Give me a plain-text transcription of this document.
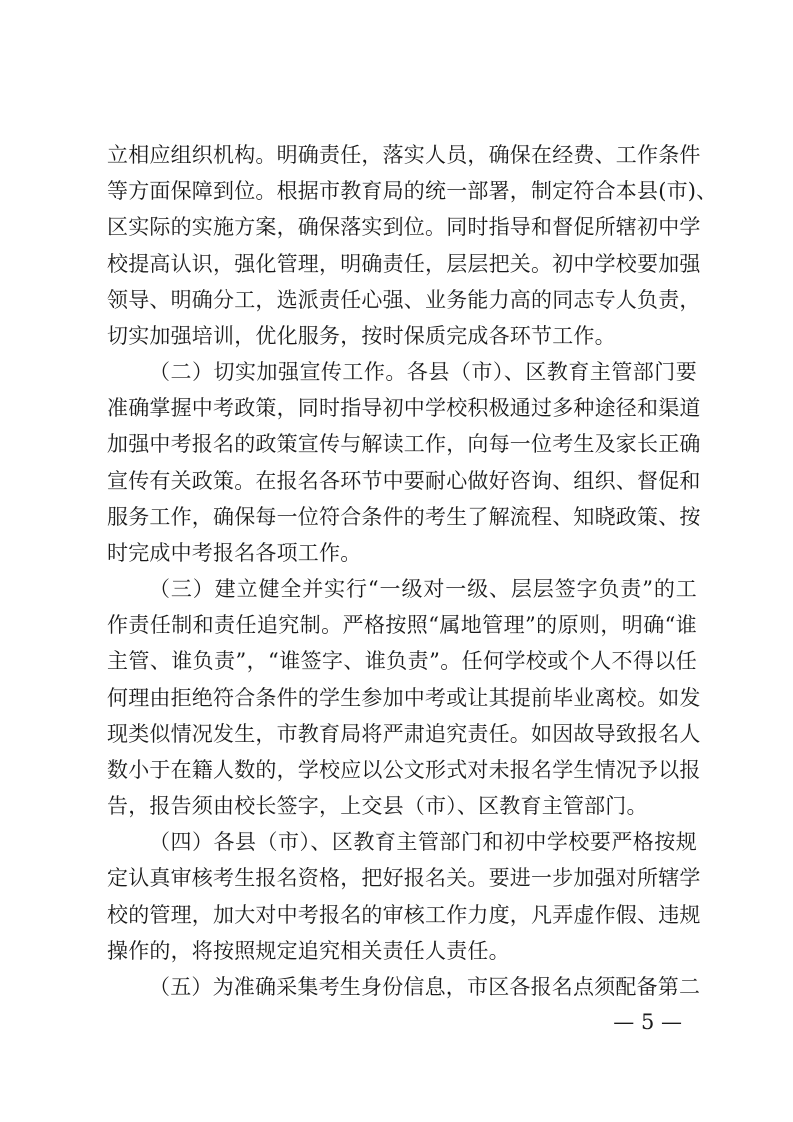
立相应组织机构。明确责任，落实人员，确保在经费、工作条件

等方面保障到位。根据市教育局的统一部署，制定符合本县(市)、

区实际的实施方案，确保落实到位。同时指导和督促所辖初中学

校提高认识，强化管理，明确责任，层层把关。初中学校要加强

领导、明确分工，选派责任心强、业务能力高的同志专人负责，

切实加强培训，优化服务，按时保质完成各环节工作。

（二）切实加强宣传工作。各县（市）、区教育主管部门要

准确掌握中考政策，同时指导初中学校积极通过多种途径和渠道

加强中考报名的政策宣传与解读工作，向每一位考生及家长正确

宣传有关政策。在报名各环节中要耐心做好咨询、组织、督促和

服务工作，确保每一位符合条件的考生了解流程、知晓政策、按

时完成中考报名各项工作。

（三）建立健全并实行“一级对一级、层层签字负责”的工

作责任制和责任追究制。严格按照“属地管理”的原则，明确“谁

主管、谁负责”，“谁签字、谁负责”。任何学校或个人不得以任

何理由拒绝符合条件的学生参加中考或让其提前毕业离校。如发

现类似情况发生，市教育局将严肃追究责任。如因故导致报名人

数小于在籍人数的，学校应以公文形式对未报名学生情况予以报

告，报告须由校长签字，上交县（市）、区教育主管部门。

（四）各县（市）、区教育主管部门和初中学校要严格按规

定认真审核考生报名资格，把好报名关。要进一步加强对所辖学

校的管理，加大对中考报名的审核工作力度，凡弄虚作假、违规

操作的，将按照规定追究相关责任人责任。

（五）为准确采集考生身份信息，市区各报名点须配备第二

— 5 —
